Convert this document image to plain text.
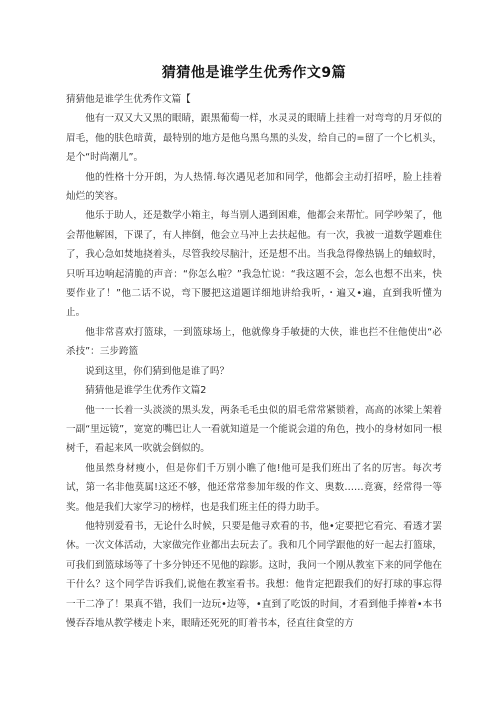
猜猜他是谁学生优秀作文9篇

猜猜他是谁学生优秀作文篇【

他有一双又大又黑的眼睛，跟黑葡萄一样，水灵灵的眼睛上挂着一对弯弯的月牙似的眉毛，他的肤色暗黄，最特别的地方是他乌黑乌黑的头发，给自己的=留了一个匕机头，是个“时尚潮儿”。

他的性格十分开朗，为人热情.每次遇见老加和同学，他都会主动打招呼，脸上挂着灿烂的笑容。

他乐于助人，还是数学小箱主，每当别人遇到困难，他都会来帮忙。同学吵架了，他会帮他解困，下课了，有人摔倒，他会立马冲上去扶起他。有一次，我被一道数学题难住了，我心急如焚地挠着头，尽管我绞尽脑汁，还是想不出。当我急得像热锅上的蚰蚁时，只听耳边响起清脆的声音：“你怎么啦？”我急忙说：“我这题不会，怎么也想不出来，快要作业了！”他二话不说，弯下腰把这道题详细地讲给我听，・遍又•遍，直到我听懂为止。

他非常喜欢打篮球，一到篮球场上，他就像身手敏捷的大侠，谁也拦不住他使出“必杀技”：三步跨篮

说到这里，你们猜到他是谁了吗？

猜猜他是谁学生优秀作文篇2

他一一长着一头淡淡的黑头发，两条毛毛虫似的眉毛常常紧锁着，高高的冰梁上架着一副“里远镜”，宽宽的嘴巴让人一看就知道是一个能说会道的角色，拽小的身材如同一根树千，看起来风一吹就会倒似的。

他虽然身材瘦小，但是你们千万别小瞧了他!他可是我们班出了名的厉害。每次考试，第一名非他莫属!这还不够，他还常常参加年级的作文、奥数……竟赛，经常得一等奖。他是我们大家学习的榜样，也是我们班主任的得力助手。

他特别爱看书，无论什么时候，只要是他寻欢看的书，他•定要把它看完、看透才罢休。一次文体活动，大家做完作业都出去玩去了。我和几个同学跟他的好一起去打篮球，可我们到篮球场等了十多分钟还不见他的踪影。这时，我问一个刚从教室下来的同学他在干什么？这个同学告诉我们,说他在教室看书。我想：他肯定把跟我们的好打球的事忘得一干二净了！果真不错，我们一边玩•边等，•直到了吃饭的时间，才看到他手捧着•本书慢吞吞地从教学楼走卜来，眼睛还死死的盯着书本，径直往食堂的方
